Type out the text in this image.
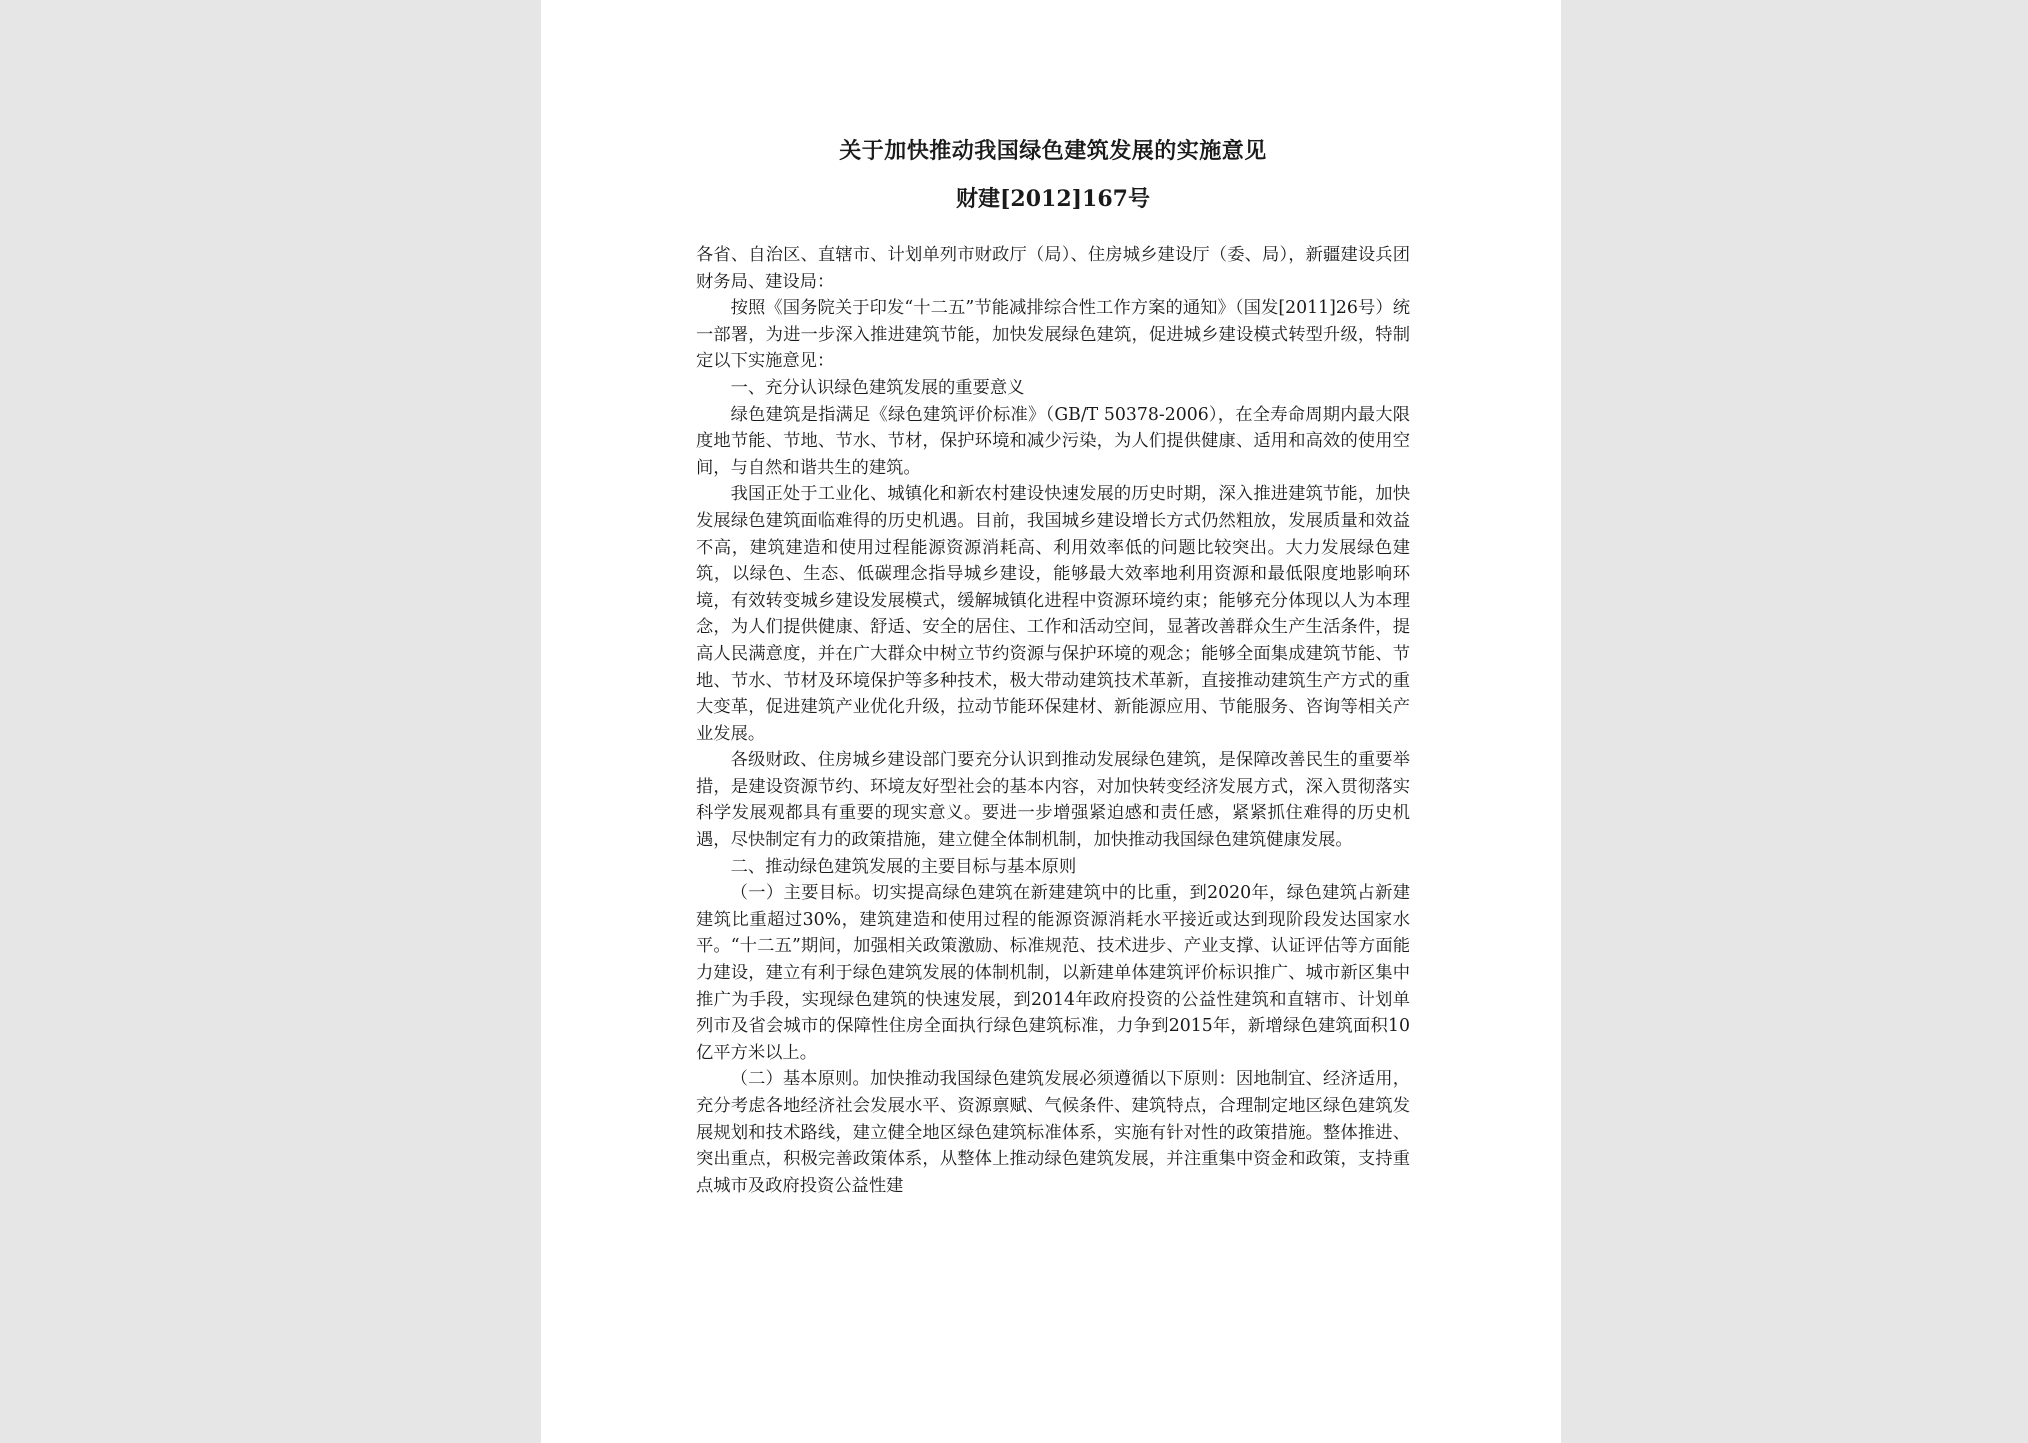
关于加快推动我国绿色建筑发展的实施意见
财建[2012]167号

各省、自治区、直辖市、计划单列市财政厅（局）、住房城乡建设厅（委、局），新疆建设兵团财务局、建设局：

按照《国务院关于印发“十二五”节能减排综合性工作方案的通知》（国发[2011]26号）统一部署，为进一步深入推进建筑节能，加快发展绿色建筑，促进城乡建设模式转型升级，特制定以下实施意见：

一、充分认识绿色建筑发展的重要意义

绿色建筑是指满足《绿色建筑评价标准》（GB/T 50378-2006），在全寿命周期内最大限度地节能、节地、节水、节材，保护环境和减少污染，为人们提供健康、适用和高效的使用空间，与自然和谐共生的建筑。

我国正处于工业化、城镇化和新农村建设快速发展的历史时期，深入推进建筑节能，加快发展绿色建筑面临难得的历史机遇。目前，我国城乡建设增长方式仍然粗放，发展质量和效益不高，建筑建造和使用过程能源资源消耗高、利用效率低的问题比较突出。大力发展绿色建筑，以绿色、生态、低碳理念指导城乡建设，能够最大效率地利用资源和最低限度地影响环境，有效转变城乡建设发展模式，缓解城镇化进程中资源环境约束；能够充分体现以人为本理念，为人们提供健康、舒适、安全的居住、工作和活动空间，显著改善群众生产生活条件，提高人民满意度，并在广大群众中树立节约资源与保护环境的观念；能够全面集成建筑节能、节地、节水、节材及环境保护等多种技术，极大带动建筑技术革新，直接推动建筑生产方式的重大变革，促进建筑产业优化升级，拉动节能环保建材、新能源应用、节能服务、咨询等相关产业发展。

各级财政、住房城乡建设部门要充分认识到推动发展绿色建筑，是保障改善民生的重要举措，是建设资源节约、环境友好型社会的基本内容，对加快转变经济发展方式，深入贯彻落实科学发展观都具有重要的现实意义。要进一步增强紧迫感和责任感，紧紧抓住难得的历史机遇，尽快制定有力的政策措施，建立健全体制机制，加快推动我国绿色建筑健康发展。

二、推动绿色建筑发展的主要目标与基本原则

（一）主要目标。切实提高绿色建筑在新建建筑中的比重，到2020年，绿色建筑占新建建筑比重超过30%，建筑建造和使用过程的能源资源消耗水平接近或达到现阶段发达国家水平。“十二五”期间，加强相关政策激励、标准规范、技术进步、产业支撑、认证评估等方面能力建设，建立有利于绿色建筑发展的体制机制，以新建单体建筑评价标识推广、城市新区集中推广为手段，实现绿色建筑的快速发展，到2014年政府投资的公益性建筑和直辖市、计划单列市及省会城市的保障性住房全面执行绿色建筑标准，力争到2015年，新增绿色建筑面积10亿平方米以上。

（二）基本原则。加快推动我国绿色建筑发展必须遵循以下原则：因地制宜、经济适用，充分考虑各地经济社会发展水平、资源禀赋、气候条件、建筑特点，合理制定地区绿色建筑发展规划和技术路线，建立健全地区绿色建筑标准体系，实施有针对性的政策措施。整体推进、突出重点，积极完善政策体系，从整体上推动绿色建筑发展，并注重集中资金和政策，支持重点城市及政府投资公益性建
